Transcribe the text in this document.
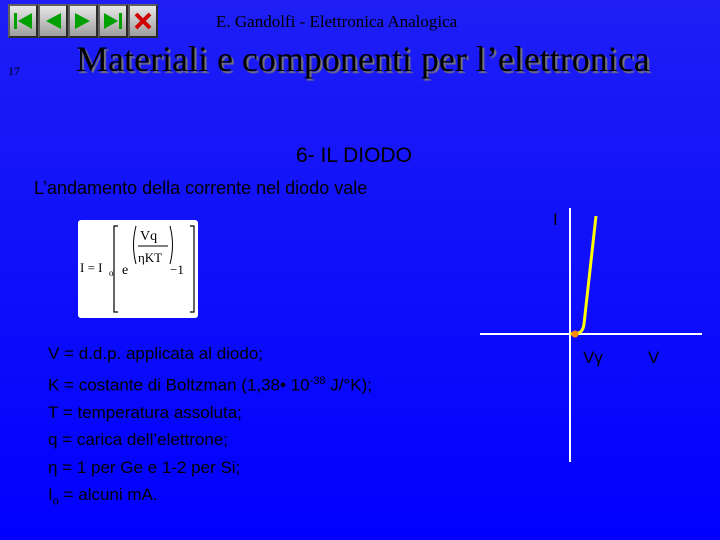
E. Gandolfi - Elettronica Analogica
17 Materiali e componenti per l’elettronica
6- IL DIODO
L’andamento della corrente nel diodo vale
I = I o e
Vq
ηKT
−1
V = d.d.p. applicata al diodo;
K = costante di Boltzman (1,38• $10^{-38}$ J/°K);
T = temperatura assoluta;
q = carica dell’elettrone;
η = 1 per Ge e 1-2 per Si;
$I_o$ = alcuni mA.
I
V
Vγ
